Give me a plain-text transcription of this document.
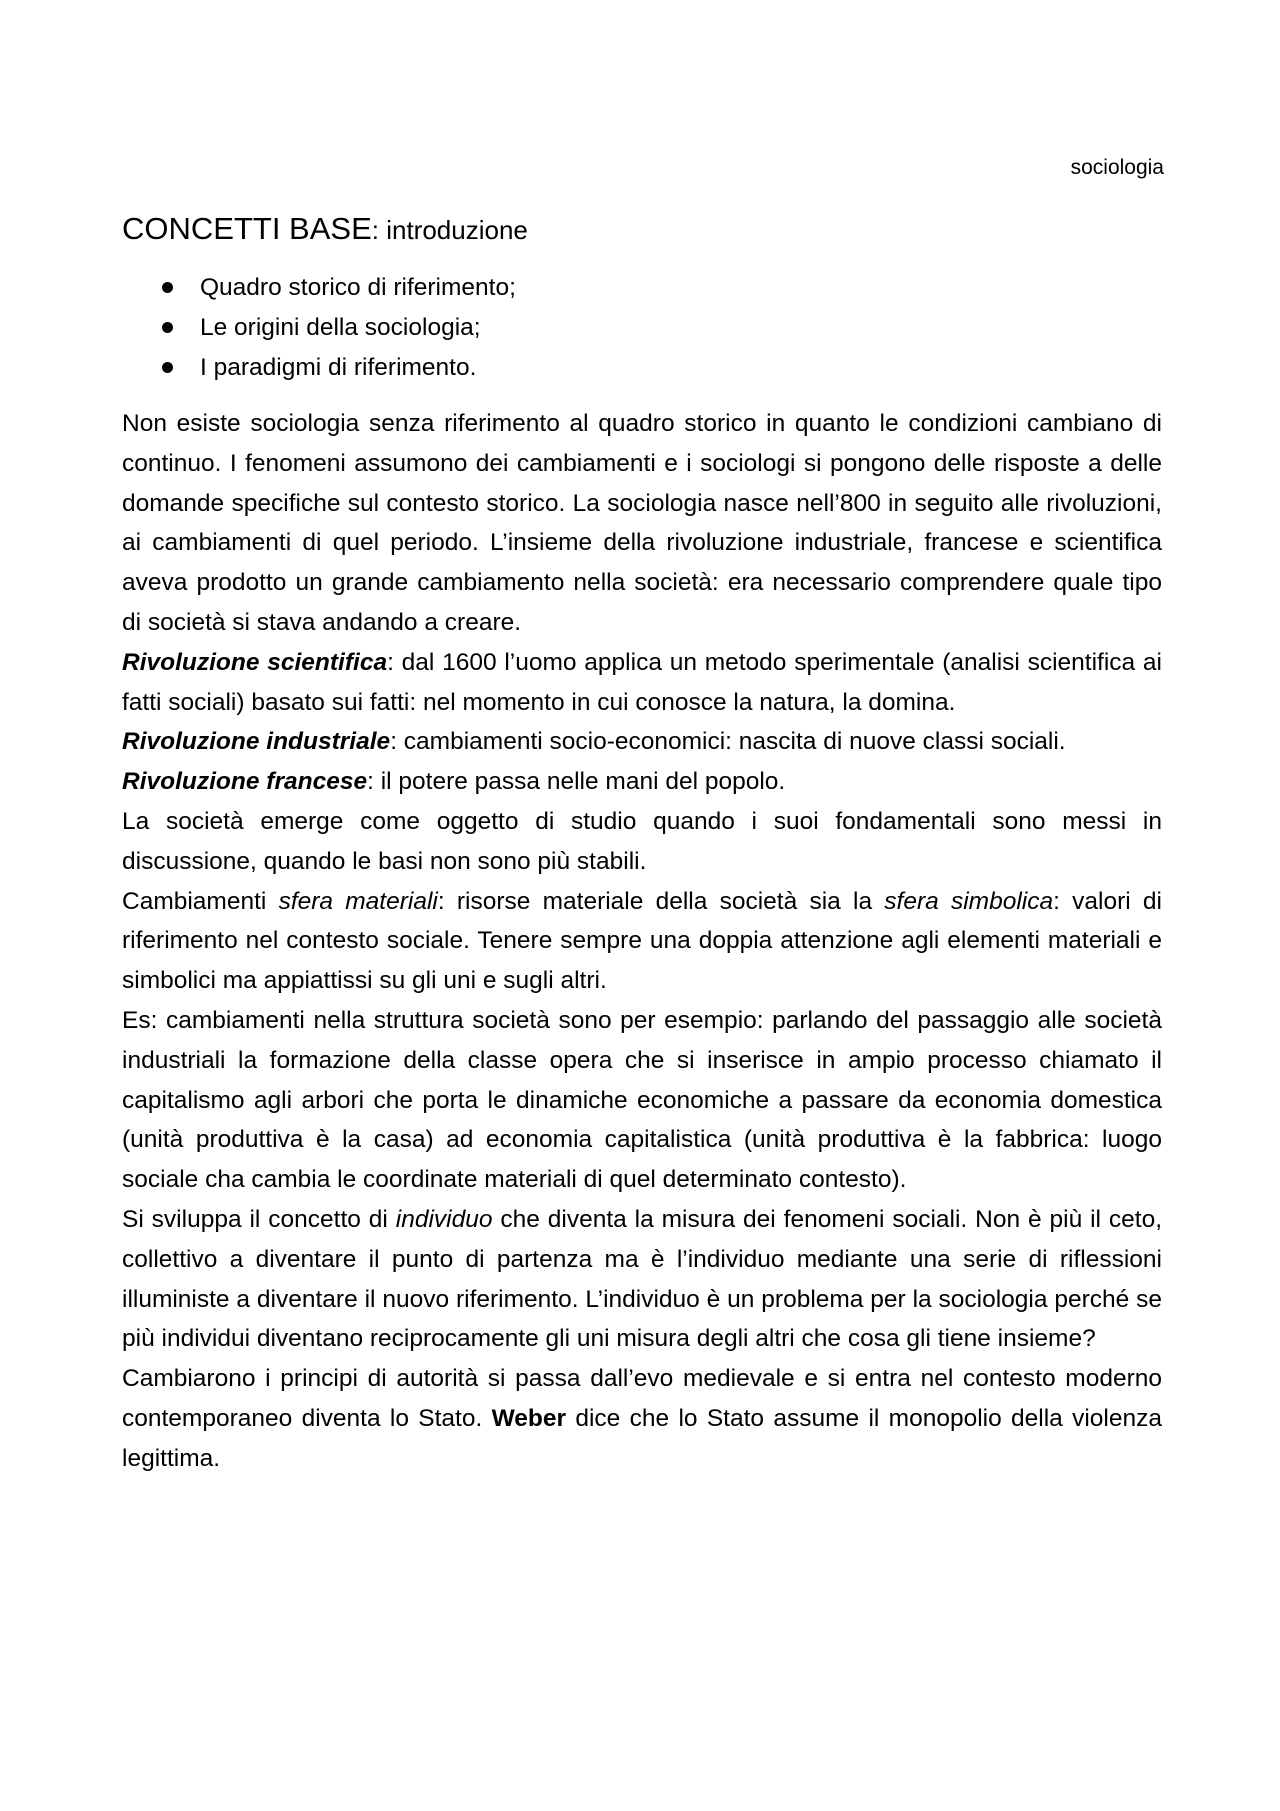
sociologia
CONCETTI BASE: introduzione
Quadro storico di riferimento;
Le origini della sociologia;
I paradigmi di riferimento.

Non esiste sociologia senza riferimento al quadro storico in quanto le condizioni cambiano di continuo. I fenomeni assumono dei cambiamenti e i sociologi si pongono delle risposte a delle domande specifiche sul contesto storico. La sociologia nasce nell’800 in seguito alle rivoluzioni, ai cambiamenti di quel periodo. L’insieme della rivoluzione industriale, francese e scientifica aveva prodotto un grande cambiamento nella società: era necessario comprendere quale tipo di società si stava andando a creare.

Rivoluzione scientifica: dal 1600 l’uomo applica un metodo sperimentale (analisi scientifica ai fatti sociali) basato sui fatti: nel momento in cui conosce la natura, la domina.

Rivoluzione industriale: cambiamenti socio-economici: nascita di nuove classi sociali.

Rivoluzione francese: il potere passa nelle mani del popolo.

La società emerge come oggetto di studio quando i suoi fondamentali sono messi in discussione, quando le basi non sono più stabili.

Cambiamenti sfera materiali: risorse materiale della società sia la sfera simbolica: valori di riferimento nel contesto sociale. Tenere sempre una doppia attenzione agli elementi materiali e simbolici ma appiattissi su gli uni e sugli altri.

Es: cambiamenti nella struttura società sono per esempio: parlando del passaggio alle società industriali la formazione della classe opera che si inserisce in ampio processo chiamato il capitalismo agli arbori che porta le dinamiche economiche a passare da economia domestica (unità produttiva è la casa) ad economia capitalistica (unità produttiva è la fabbrica: luogo sociale cha cambia le coordinate materiali di quel determinato contesto).

Si sviluppa il concetto di individuo che diventa la misura dei fenomeni sociali. Non è più il ceto, collettivo a diventare il punto di partenza ma è l’individuo mediante una serie di riflessioni illuministe a diventare il nuovo riferimento. L’individuo è un problema per la sociologia perché se più individui diventano reciprocamente gli uni misura degli altri che cosa gli tiene insieme?

Cambiarono i principi di autorità si passa dall’evo medievale e si entra nel contesto moderno contemporaneo diventa lo Stato. Weber dice che lo Stato assume il monopolio della violenza legittima.
